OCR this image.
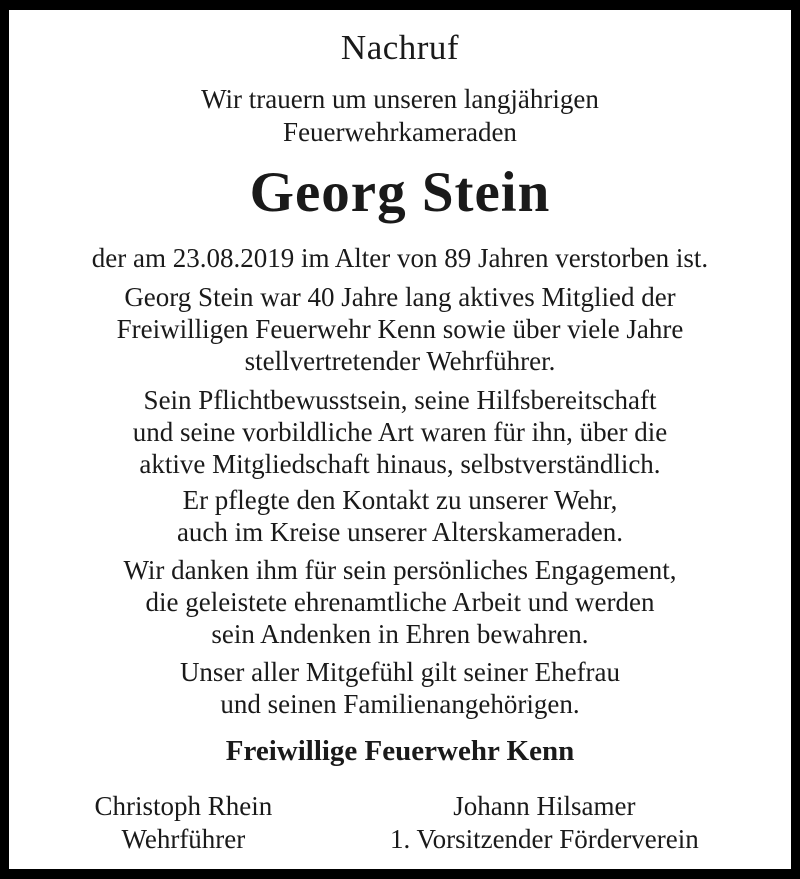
Nachruf
Wir trauern um unseren langjährigen
Feuerwehrkameraden
Georg Stein
der am 23.08.2019 im Alter von 89 Jahren verstorben ist.
Georg Stein war 40 Jahre lang aktives Mitglied der
Freiwilligen Feuerwehr Kenn sowie über viele Jahre
stellvertretender Wehrführer.
Sein Pflichtbewusstsein, seine Hilfsbereitschaft
und seine vorbildliche Art waren für ihn, über die
aktive Mitgliedschaft hinaus, selbstverständlich.
Er pflegte den Kontakt zu unserer Wehr,
auch im Kreise unserer Alterskameraden.
Wir danken ihm für sein persönliches Engagement,
die geleistete ehrenamtliche Arbeit und werden
sein Andenken in Ehren bewahren.
Unser aller Mitgefühl gilt seiner Ehefrau
und seinen Familienangehörigen.
Freiwillige Feuerwehr Kenn
Christoph Rhein
Wehrführer
Johann Hilsamer
1. Vorsitzender Förderverein
